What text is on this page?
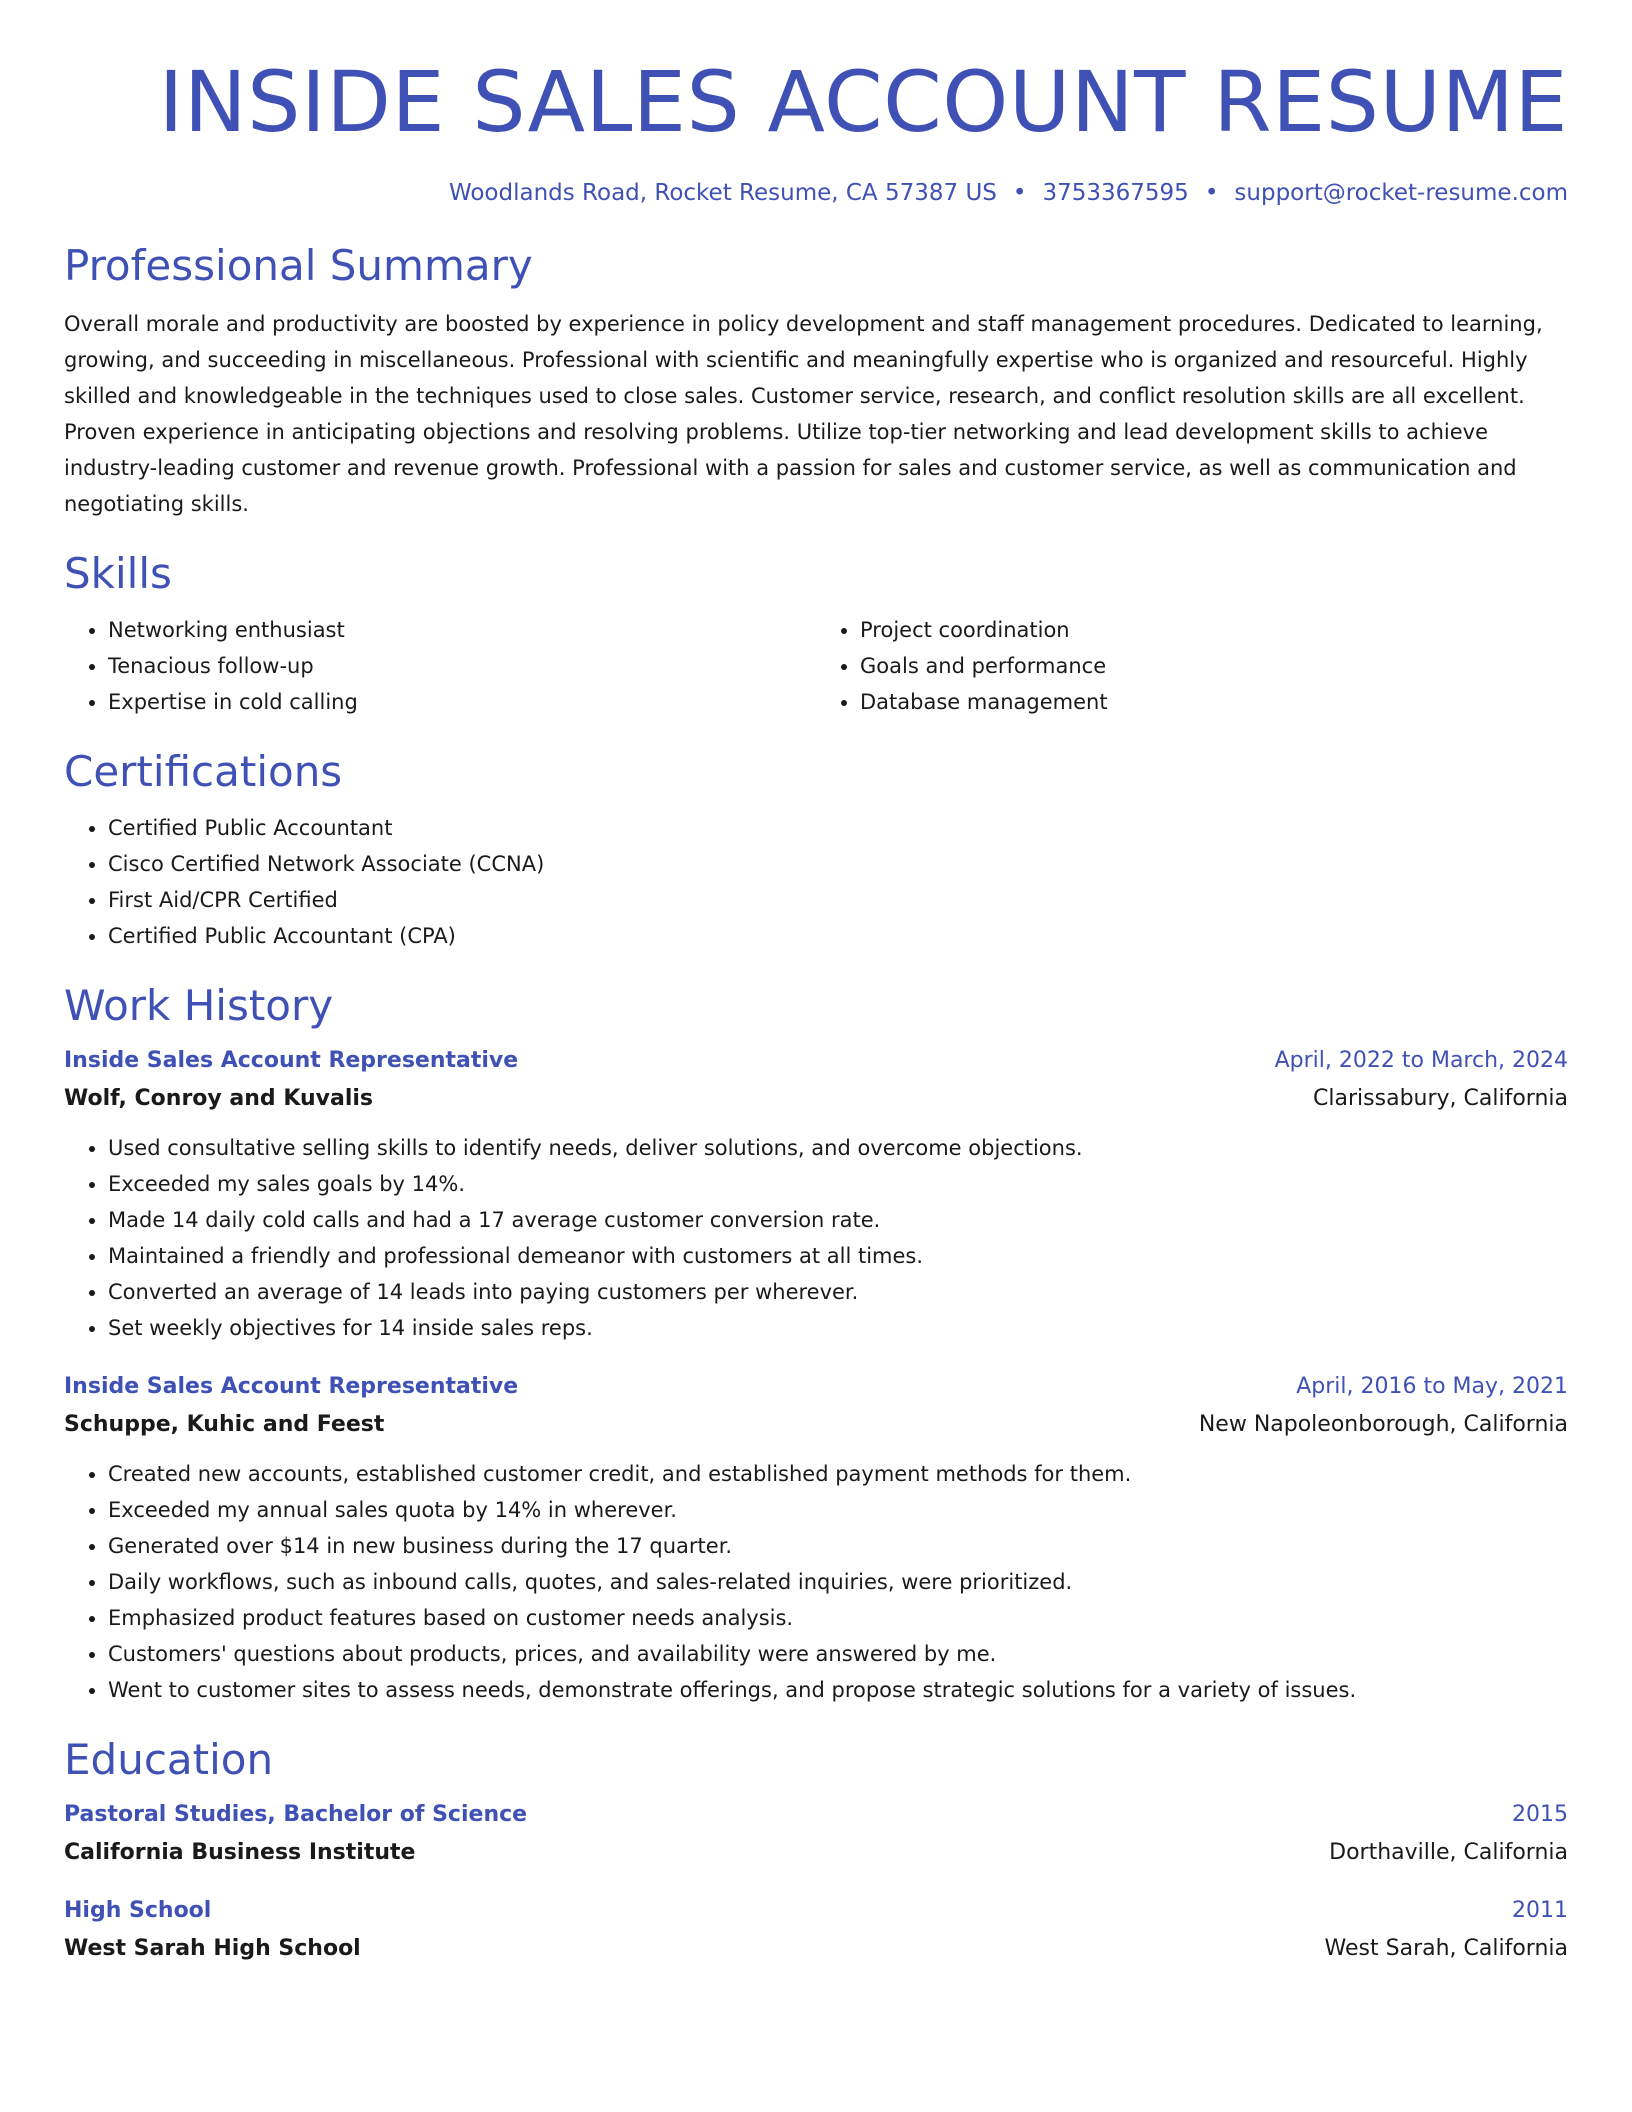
INSIDE SALES ACCOUNT RESUME
Woodlands Road, Rocket Resume, CA 57387 US • 3753367595 • support@rocket-resume.com
Professional Summary

Overall morale and productivity are boosted by experience in policy development and staff management procedures. Dedicated to learning, growing, and succeeding in miscellaneous. Professional with scientific and meaningfully expertise who is organized and resourceful. Highly skilled and knowledgeable in the techniques used to close sales. Customer service, research, and conflict resolution skills are all excellent. Proven experience in anticipating objections and resolving problems. Utilize top-tier networking and lead development skills to achieve industry-leading customer and revenue growth. Professional with a passion for sales and customer service, as well as communication and negotiating skills.

Skills
• Networking enthusiast
• Tenacious follow-up
• Expertise in cold calling
• Project coordination
• Goals and performance
• Database management
Certifications
• Certified Public Accountant
• Cisco Certified Network Associate (CCNA)
• First Aid/CPR Certified
• Certified Public Accountant (CPA)
Work History
Inside Sales Account Representative	April, 2022 to March, 2024
Wolf, Conroy and Kuvalis	Clarissabury, California
• Used consultative selling skills to identify needs, deliver solutions, and overcome objections.
• Exceeded my sales goals by 14%.
• Made 14 daily cold calls and had a 17 average customer conversion rate.
• Maintained a friendly and professional demeanor with customers at all times.
• Converted an average of 14 leads into paying customers per wherever.
• Set weekly objectives for 14 inside sales reps.
Inside Sales Account Representative	April, 2016 to May, 2021
Schuppe, Kuhic and Feest	New Napoleonborough, California
• Created new accounts, established customer credit, and established payment methods for them.
• Exceeded my annual sales quota by 14% in wherever.
• Generated over $14 in new business during the 17 quarter.
• Daily workflows, such as inbound calls, quotes, and sales-related inquiries, were prioritized.
• Emphasized product features based on customer needs analysis.
• Customers' questions about products, prices, and availability were answered by me.
• Went to customer sites to assess needs, demonstrate offerings, and propose strategic solutions for a variety of issues.
Education
Pastoral Studies, Bachelor of Science	2015
California Business Institute	Dorthaville, California
High School	2011
West Sarah High School	West Sarah, California
